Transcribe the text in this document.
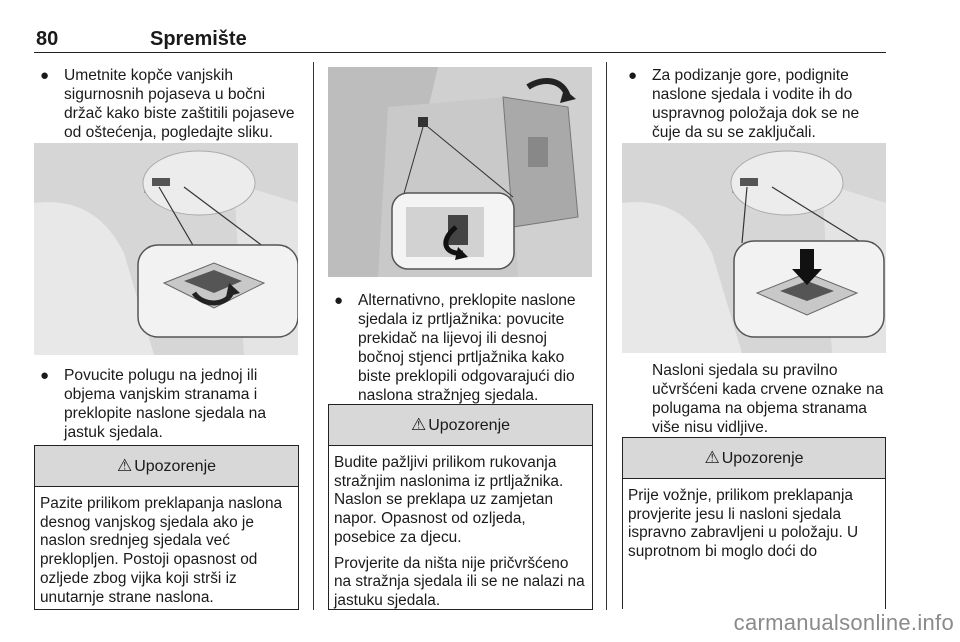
80	Spremište
● Umetnite kopče vanjskih sigurnosnih pojaseva u bočni držač kako biste zaštitili pojaseve od oštećenja, pogledajte sliku.
● Povucite polugu na jednoj ili objema vanjskim stranama i preklopite naslone sjedala na jastuk sjedala.
⚠ Upozorenje

Pazite prilikom preklapanja naslona desnog vanjskog sjedala ako je naslon srednjeg sjedala već preklopljen. Postoji opasnost od ozljede zbog vijka koji strši iz unutarnje strane naslona.

● Alternativno, preklopite naslone sjedala iz prtljažnika: povucite prekidač na lijevoj ili desnoj bočnoj stjenci prtljažnika kako biste preklopili odgovarajući dio naslona stražnjeg sjedala.
⚠ Upozorenje

Budite pažljivi prilikom rukovanja stražnjim naslonima iz prtljažnika. Naslon se preklapa uz zamjetan napor. Opasnost od ozljeda, posebice za djecu.

Provjerite da ništa nije pričvršćeno na stražnja sjedala ili se ne nalazi na jastuku sjedala.

● Za podizanje gore, podignite naslone sjedala i vodite ih do uspravnog položaja dok se ne čuje da su se zaključali.
Nasloni sjedala su pravilno učvršćeni kada crvene oznake na polugama na objema stranama više nisu vidljive.
⚠ Upozorenje

Prije vožnje, prilikom preklapanja provjerite jesu li nasloni sjedala ispravno zabravljeni u položaju. U suprotnom bi moglo doći do

carmanualsonline.info
